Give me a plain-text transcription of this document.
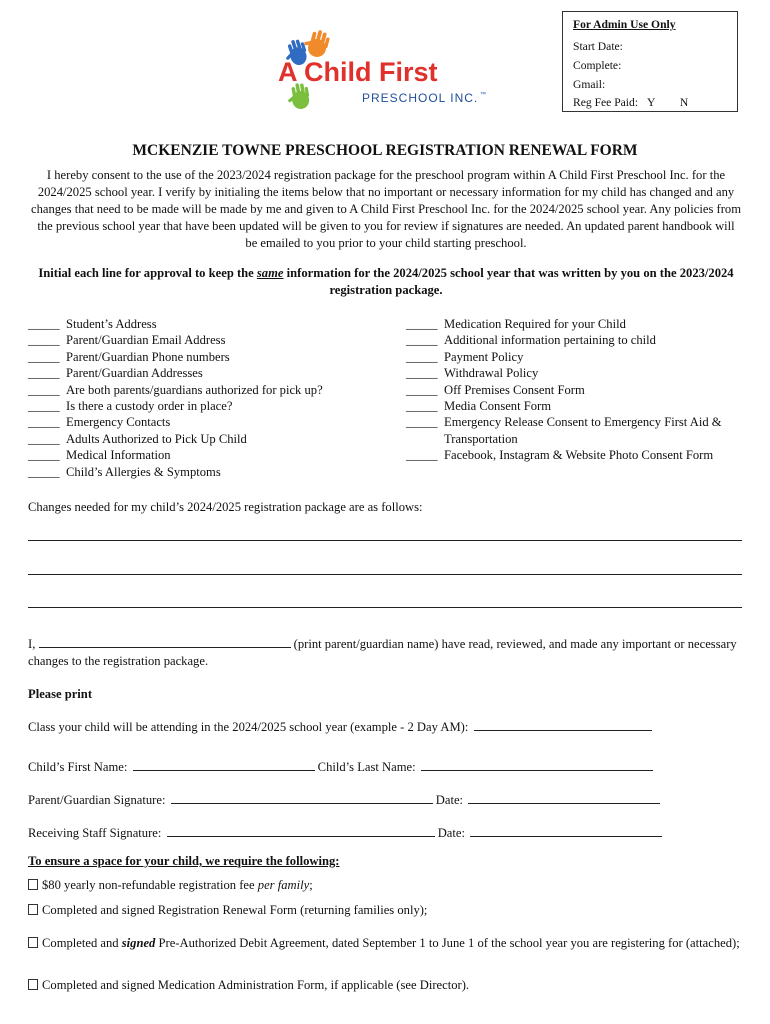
For Admin Use Only
Start Date:
Complete:
Gmail:
Reg Fee Paid: Y N
A Child First
PRESCHOOL INC. ™
MCKENZIE TOWNE PRESCHOOL REGISTRATION RENEWAL FORM
I hereby consent to the use of the 2023/2024 registration package for the preschool program within A Child First Preschool Inc. for the 2024/2025 school year. I verify by initialing the items below that no important or necessary information for my child has changed and any changes that need to be made will be made by me and given to A Child First Preschool Inc. for the 2024/2025 school year. Any policies from the previous school year that have been updated will be given to you for review if signatures are needed. An updated parent handbook will be emailed to you prior to your child starting preschool.
Initial each line for approval to keep the same information for the 2024/2025 school year that was written by you on the 2023/2024 registration package.
_____ Student’s Address
_____ Parent/Guardian Email Address
_____ Parent/Guardian Phone numbers
_____ Parent/Guardian Addresses
_____ Are both parents/guardians authorized for pick up?
_____ Is there a custody order in place?
_____ Emergency Contacts
_____ Adults Authorized to Pick Up Child
_____ Medical Information
_____ Child’s Allergies & Symptoms
_____ Medication Required for your Child
_____ Additional information pertaining to child
_____ Payment Policy
_____ Withdrawal Policy
_____ Off Premises Consent Form
_____ Media Consent Form
_____ Emergency Release Consent to Emergency First Aid & Transportation
_____ Facebook, Instagram & Website Photo Consent Form
Changes needed for my child’s 2024/2025 registration package are as follows:
I,	(print parent/guardian name) have read, reviewed, and made any important or necessary changes to the registration package.
Please print
Class your child will be attending in the 2024/2025 school year (example - 2 Day AM):
Child’s First Name:	Child’s Last Name:
Parent/Guardian Signature:	Date:
Receiving Staff Signature:	Date:
To ensure a space for your child, we require the following:
$80 yearly non-refundable registration fee per family;
Completed and signed Registration Renewal Form (returning families only);
Completed and signed Pre-Authorized Debit Agreement, dated September 1 to June 1 of the school year you are registering for (attached);
Completed and signed Medication Administration Form, if applicable (see Director).
